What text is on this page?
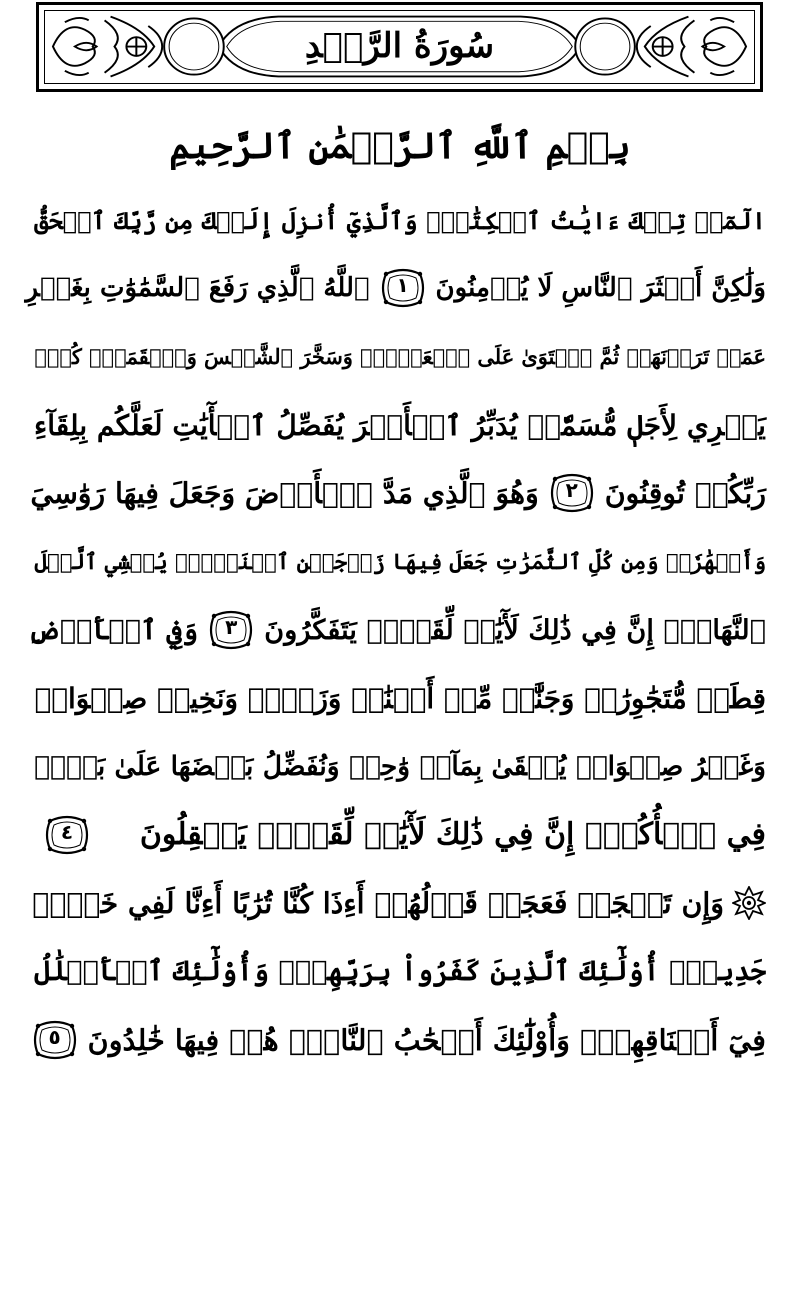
سُورَةُ الرَّعۡدِ
بِسۡمِ ٱللَّهِ ٱلرَّحۡمَٰنِ ٱلرَّحِيمِ
الٓمٓرۚ تِلۡكَ ءَايَٰتُ ٱلۡكِتَٰبِۗ وَٱلَّذِيٓ أُنزِلَ إِلَيۡكَ مِن رَّبِّكَ ٱلۡحَقُّ
وَلَٰكِنَّ أَكۡثَرَ ٱلنَّاسِ لَا يُؤۡمِنُونَ
١
ٱللَّهُ ٱلَّذِي رَفَعَ ٱلسَّمَٰوَٰتِ بِغَيۡرِ
عَمَدٖ تَرَوۡنَهَاۖ ثُمَّ ٱسۡتَوَىٰ عَلَى ٱلۡعَرۡشِۖ وَسَخَّرَ ٱلشَّمۡسَ وَٱلۡقَمَرَۖ كُلّٞ
يَجۡرِي لِأَجَلٖ مُّسَمّٗىۚ يُدَبِّرُ ٱلۡأَمۡرَ يُفَصِّلُ ٱلۡأٓيَٰتِ لَعَلَّكُم بِلِقَآءِ
رَبِّكُمۡ تُوقِنُونَ
٢
وَهُوَ ٱلَّذِي مَدَّ ٱلۡأَرۡضَ وَجَعَلَ فِيهَا رَوَٰسِيَ
وَأَنۡهَٰرٗاۖ وَمِن كُلِّ ٱلثَّمَرَٰتِ جَعَلَ فِيهَا زَوۡجَيۡنِ ٱثۡنَيۡنِۖ يُغۡشِي ٱلَّيۡلَ
ٱلنَّهَارَۚ إِنَّ فِي ذَٰلِكَ لَأٓيَٰتٖ لِّقَوۡمٖ يَتَفَكَّرُونَ
٣
وَفِي ٱلۡأَرۡضِ
قِطَعٞ مُّتَجَٰوِرَٰتٞ وَجَنَّٰتٞ مِّنۡ أَعۡنَٰبٖ وَزَرۡعٞ وَنَخِيلٞ صِنۡوَانٞ
وَغَيۡرُ صِنۡوَانٖ يُسۡقَىٰ بِمَآءٖ وَٰحِدٖ وَنُفَضِّلُ بَعۡضَهَا عَلَىٰ بَعۡضٖ
فِي ٱلۡأُكُلِۚ إِنَّ فِي ذَٰلِكَ لَأٓيَٰتٖ لِّقَوۡمٖ يَعۡقِلُونَ
٤
وَإِن تَعۡجَبۡ فَعَجَبٞ قَوۡلُهُمۡ أَءِذَا كُنَّا تُرَٰبًا أَءِنَّا لَفِي خَلۡقٖ
جَدِيدٍۗ أُوْلَٰٓئِكَ ٱلَّذِينَ كَفَرُواْ بِرَبِّهِمۡۖ وَأُوْلَٰٓئِكَ ٱلۡأَغۡلَٰلُ
فِيٓ أَعۡنَاقِهِمۡۖ وَأُوْلَٰٓئِكَ أَصۡحَٰبُ ٱلنَّارِۖ هُمۡ فِيهَا خَٰلِدُونَ
٥
